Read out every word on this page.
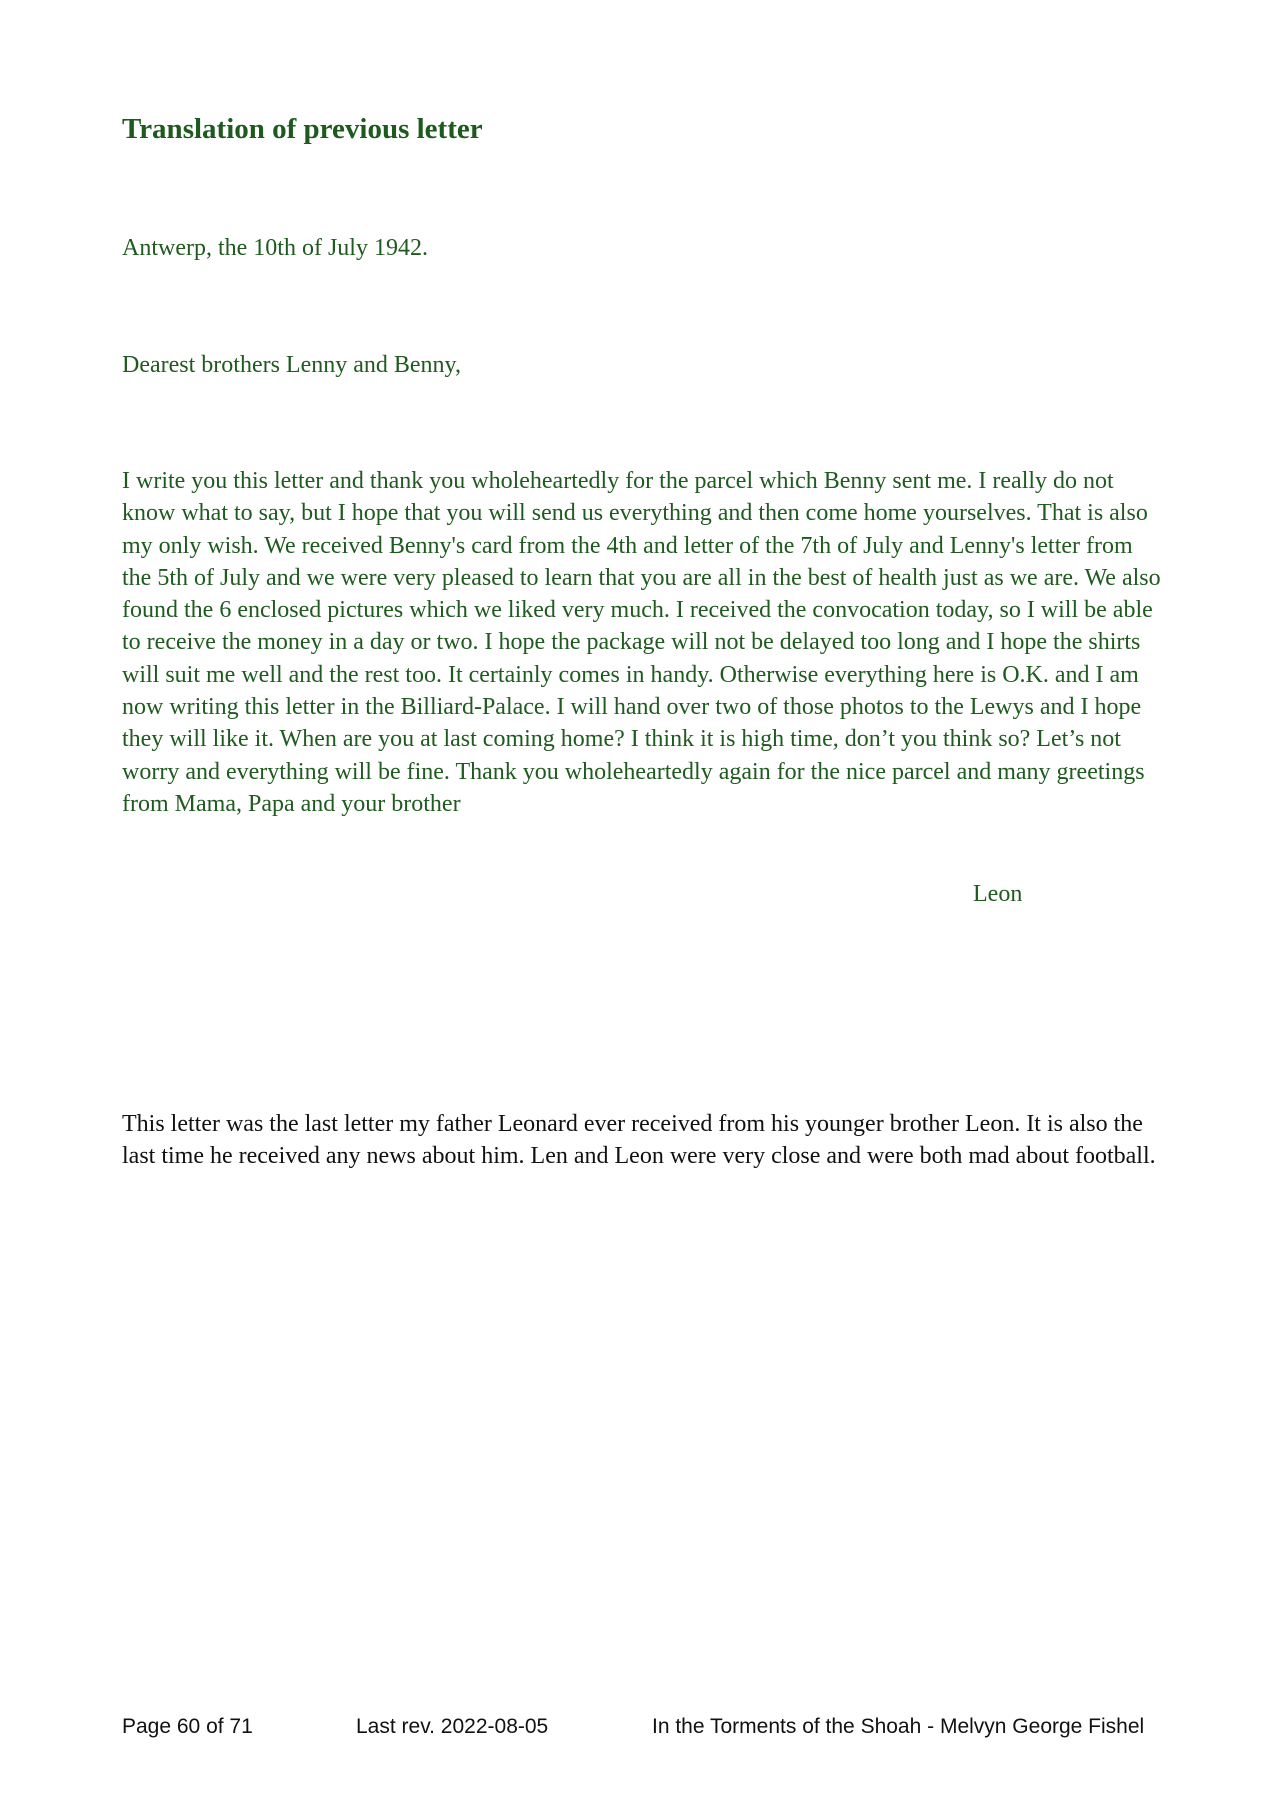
Translation of previous letter

Antwerp, the 10th of July 1942.

Dearest brothers Lenny and Benny,

I write you this letter and thank you wholeheartedly for the parcel which Benny sent me. I really do not know what to say, but I hope that you will send us everything and then come home yourselves. That is also my only wish. We received Benny's card from the 4th and letter of the 7th of July and Lenny's letter from the 5th of July and we were very pleased to learn that you are all in the best of health just as we are. We also found the 6 enclosed pictures which we liked very much. I received the convocation today, so I will be able to receive the money in a day or two. I hope the package will not be delayed too long and I hope the shirts will suit me well and the rest too. It certainly comes in handy. Otherwise everything here is O.K. and I am now writing this letter in the Billiard-Palace. I will hand over two of those photos to the Lewys and I hope they will like it. When are you at last coming home? I think it is high time, don’t you think so? Let’s not worry and everything will be fine. Thank you wholeheartedly again for the nice parcel and many greetings from Mama, Papa and your brother

Leon

This letter was the last letter my father Leonard ever received from his younger brother Leon. It is also the last time he received any news about him. Len and Leon were very close and were both mad about football.

Page 60 of 71	Last rev. 2022-08-05	In the Torments of the Shoah - Melvyn George Fishel
